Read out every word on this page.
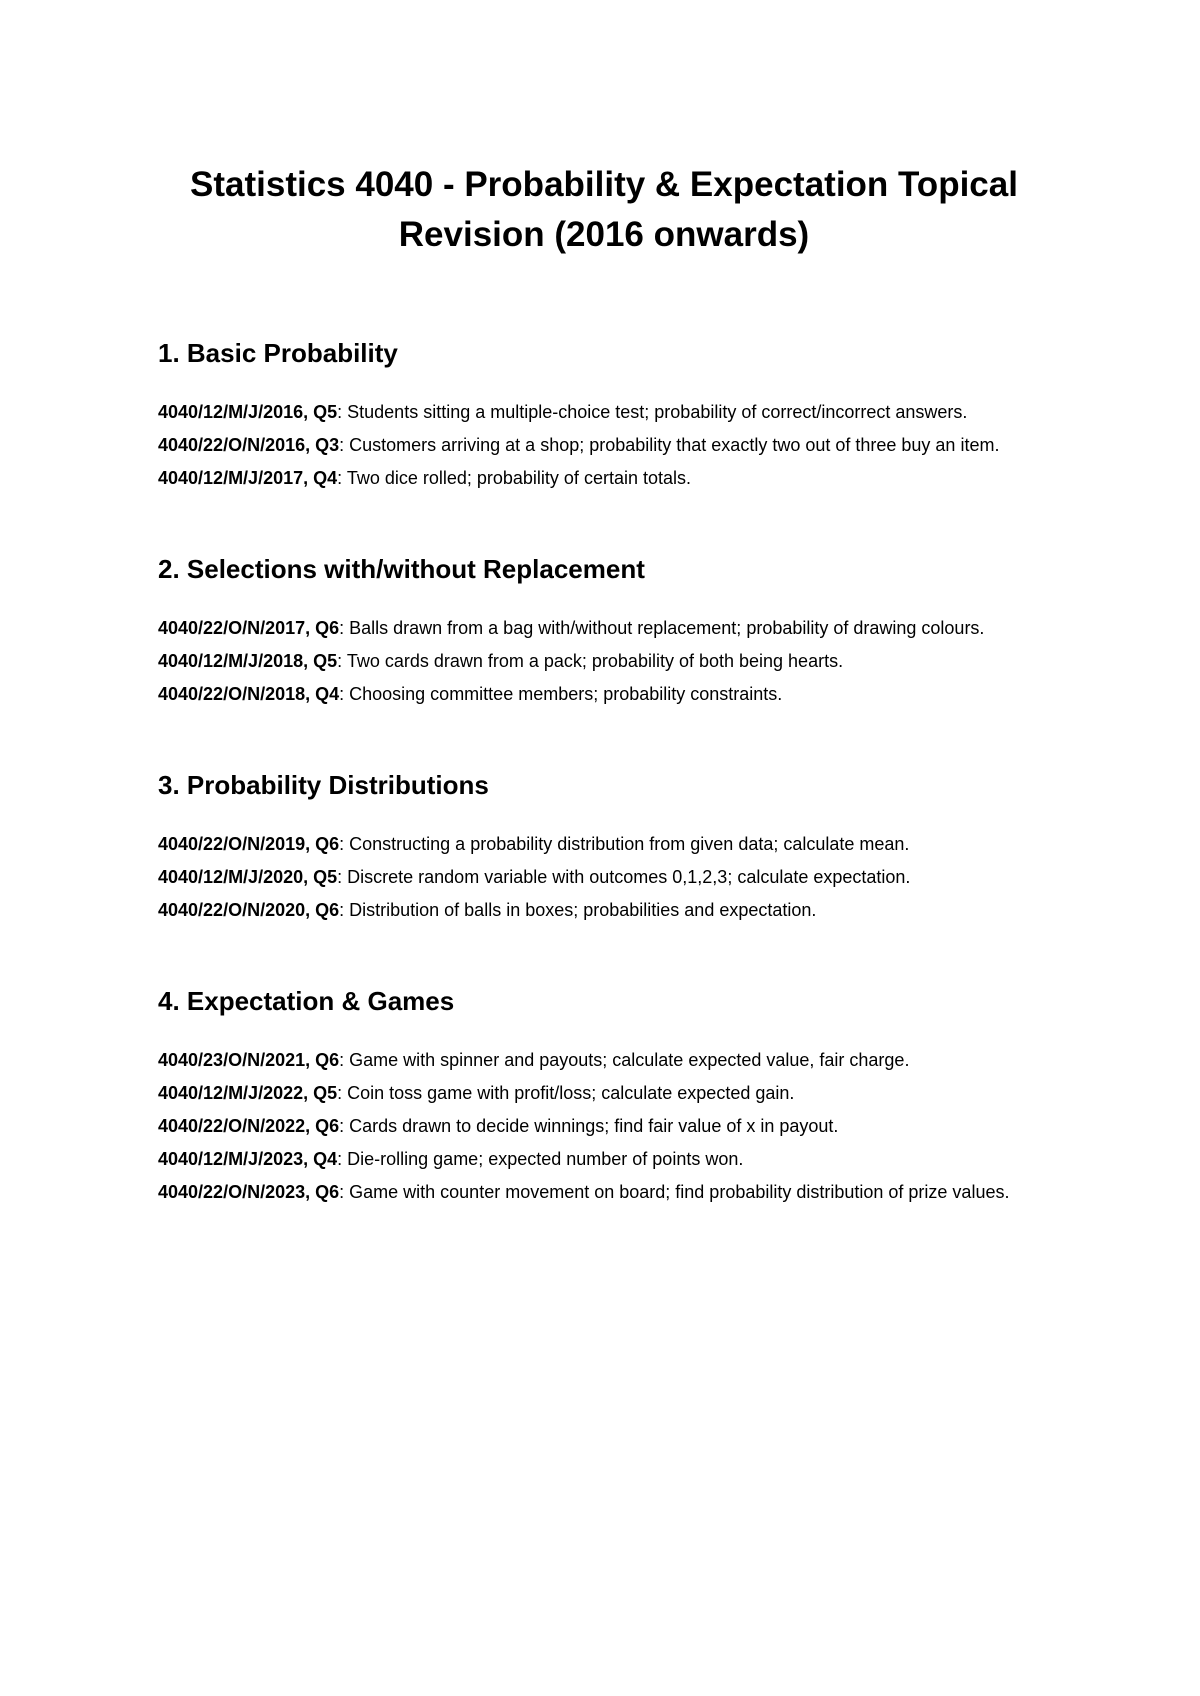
Statistics 4040 - Probability & Expectation Topical Revision (2016 onwards)
1. Basic Probability
4040/12/M/J/2016, Q5: Students sitting a multiple-choice test; probability of correct/incorrect answers.
4040/22/O/N/2016, Q3: Customers arriving at a shop; probability that exactly two out of three buy an item.
4040/12/M/J/2017, Q4: Two dice rolled; probability of certain totals.
2. Selections with/without Replacement
4040/22/O/N/2017, Q6: Balls drawn from a bag with/without replacement; probability of drawing colours.
4040/12/M/J/2018, Q5: Two cards drawn from a pack; probability of both being hearts.
4040/22/O/N/2018, Q4: Choosing committee members; probability constraints.
3. Probability Distributions
4040/22/O/N/2019, Q6: Constructing a probability distribution from given data; calculate mean.
4040/12/M/J/2020, Q5: Discrete random variable with outcomes 0,1,2,3; calculate expectation.
4040/22/O/N/2020, Q6: Distribution of balls in boxes; probabilities and expectation.
4. Expectation & Games
4040/23/O/N/2021, Q6: Game with spinner and payouts; calculate expected value, fair charge.
4040/12/M/J/2022, Q5: Coin toss game with profit/loss; calculate expected gain.
4040/22/O/N/2022, Q6: Cards drawn to decide winnings; find fair value of x in payout.
4040/12/M/J/2023, Q4: Die-rolling game; expected number of points won.
4040/22/O/N/2023, Q6: Game with counter movement on board; find probability distribution of prize values.
